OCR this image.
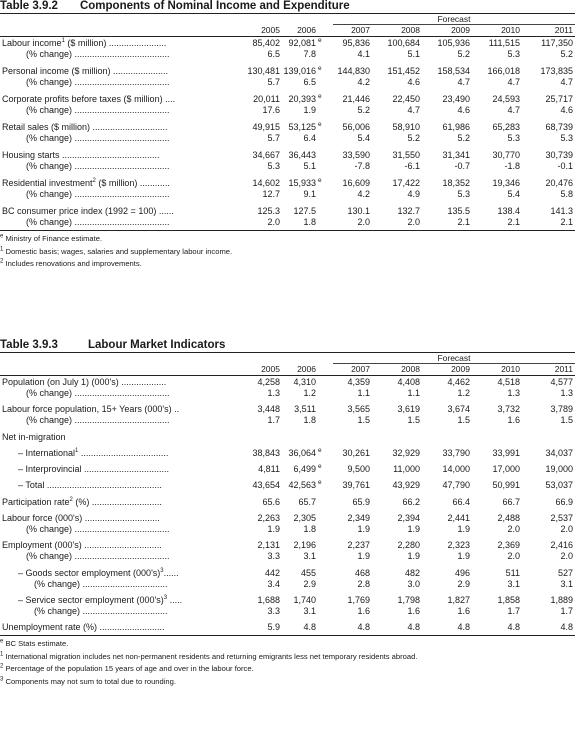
Table 3.9.2 Components of Nominal Income and Expenditure
Forecast
2005	2006	2007	2008	2009	2010	2011
Labour income$^1$ ($ million) .......................	85,402 92,081 e	95,836	100,684	105,936	111,515	117,350
(% change) ......................................	6.5	7.8	4.1	5.1	5.2	5.3	5.2
Personal income ($ million) ......................	130,481 139,016 e	144,830	151,452	158,534	166,018	173,835
(% change) ......................................	5.7	6.5	4.2	4.6	4.7	4.7	4.7
Corporate profits before taxes ($ million) ....	20,011 20,393 e	21,446	22,450	23,490	24,593	25,717
(% change) ......................................	17.6	1.9	5.2	4.7	4.6	4.7	4.6
Retail sales ($ million) ..............................	49,915 53,125 e	56,006	58,910	61,986	65,283	68,739
(% change) ......................................	5.7	6.4	5.4	5.2	5.2	5.3	5.3
Housing starts .......................................	34,667 36,443	33,590	31,550	31,341	30,770	30,739
(% change) ......................................	5.3	5.1	-7.8	-6.1	-0.7	-1.8	-0.1
Residential investment$^2$ ($ million) ............	14,602 15,933 e	16,609	17,422	18,352	19,346	20,476
(% change) ......................................	12.7	9.1	4.2	4.9	5.3	5.4	5.8
BC consumer price index (1992 = 100) ......	125.3	127.5	130.1	132.7	135.5	138.4	141.3
(% change) ......................................	2.0	1.8	2.0	2.0	2.1	2.1	2.1
$^e$ Ministry of Finance estimate.
$^1$ Domestic basis; wages, salaries and supplementary labour income.
$^2$ Includes renovations and improvements.
Table 3.9.3	Labour Market Indicators
Forecast
2005	2006	2007	2008	2009	2010	2011
Population (on July 1) (000's) ..................	4,258	4,310	4,359	4,408	4,462	4,518	4,577
(% change) ......................................	1.3	1.2	1.1	1.1	1.2	1.3	1.3
Labour force population, 15+ Years (000's) ..	3,448	3,511	3,565	3,619	3,674	3,732	3,789
(% change) ......................................	1.7	1.8	1.5	1.5	1.5	1.6	1.5
Net in-migration
– International$^1$ ...................................	38,843 36,064 e	30,261	32,929	33,790	33,991	34,037
– Interprovincial ..................................	4,811	6,499 e	9,500	11,000	14,000	17,000	19,000
– Total ..............................................	43,654 42,563 e	39,761	43,929	47,790	50,991	53,037
Participation rate$^2$ (%) ............................	65.6	65.7	65.9	66.2	66.4	66.7	66.9
Labour force (000's) ..............................	2,263	2,305	2,349	2,394	2,441	2,488	2,537
(% change) ......................................	1.9	1.8	1.9	1.9	1.9	2.0	2.0
Employment (000's) ...............................	2,131	2,196	2,237	2,280	2,323	2,369	2,416
(% change) ......................................	3.3	3.1	1.9	1.9	1.9	2.0	2.0
– Goods sector employment $(000's)^3$......	442	455	468	482	496	511	527
(% change) ..................................	3.4	2.9	2.8	3.0	2.9	3.1	3.1
– Service sector employment $(000's)^3$ .....	1,688	1,740	1,769	1,798	1,827	1,858	1,889
(% change) ..................................	3.3	3.1	1.6	1.6	1.6	1.7	1.7
Unemployment rate (%) ..........................	5.9	4.8	4.8	4.8	4.8	4.8	4.8
$^e$ BC Stats estimate.
$^1$ International migration includes net non-permanent residents and returning emigrants less net temporary residents abroad.
$^2$ Percentage of the population 15 years of age and over in the labour force.
$^3$ Components may not sum to total due to rounding.
